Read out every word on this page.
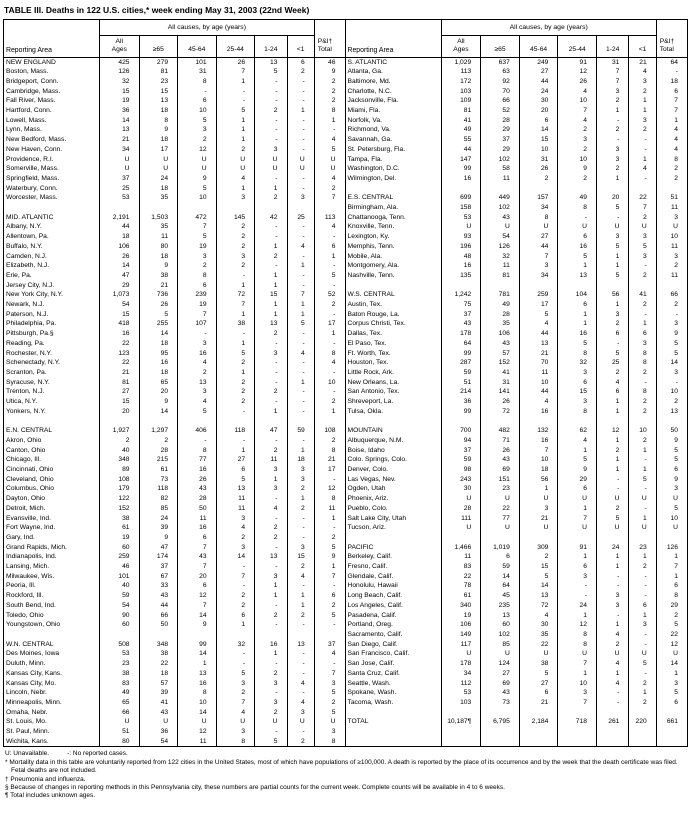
TABLE III. Deaths in 122 U.S. cities,* week ending May 31, 2003 (22nd Week)
Reporting Area	All causes, by age (years)						P&I†
Total
	All
Ages	≥65	45-64	25-44	1-24	<1	
NEW ENGLAND	425	279	101	26	13	6	46
Boston, Mass.	126	81	31	7	5	2	9
Bridgeport, Conn.	32	23	8	1	-	-	2
Cambridge, Mass.	15	15	-	-	-	-	2
Fall River, Mass.	19	13	6	-	-	-	2
Hartford, Conn.	36	18	10	5	2	1	8
Lowell, Mass.	14	8	5	1	-	-	1
Lynn, Mass.	13	9	3	1	-	-	-
New Bedford, Mass.	21	18	2	1	-	-	4
New Haven, Conn.	34	17	12	2	3	-	5
Providence, R.I.	U	U	U	U	U	U	U
Somerville, Mass.	U	U	U	U	U	U	U
Springfield, Mass.	37	24	9	4	-	-	4
Waterbury, Conn.	25	18	5	1	1	-	2
Worcester, Mass.	53	35	10	3	2	3	7

MID. ATLANTIC	2,191	1,503	472	145	42	25	113
Albany, N.Y.	44	35	7	2	-	-	4
Allentown, Pa.	18	11	5	2	-	-	-
Buffalo, N.Y.	106	80	19	2	1	4	6
Camden, N.J.	26	18	3	3	2	-	1
Elizabeth, N.J.	14	9	2	2	-	1	-
Erie, Pa.	47	38	8	-	1	-	5
Jersey City, N.J.	29	21	6	1	1	-	-
New York City, N.Y.	1,073	736	239	72	15	7	52
Newark, N.J.	54	26	19	7	1	1	2
Paterson, N.J.	15	5	7	1	1	1	-
Philadelphia, Pa.	418	255	107	38	13	5	17
Pittsburgh, Pa.§	16	14	-	-	2	-	1
Reading, Pa.	22	18	3	1	-	-	-
Rochester, N.Y.	123	95	16	5	3	4	8
Schenectady, N.Y.	22	16	4	2	-	-	4
Scranton, Pa.	21	18	2	1	-	-	-
Syracuse, N.Y.	81	65	13	2	-	1	10
Trenton, N.J.	27	20	3	2	2	-	-
Utica, N.Y.	15	9	4	2	-	-	2
Yonkers, N.Y.	20	14	5	-	1	-	1

E.N. CENTRAL	1,927	1,297	406	118	47	59	108
Akron, Ohio	2	2	-	-	-	-	2
Canton, Ohio	40	28	8	1	2	1	8
Chicago, Ill.	348	215	77	27	11	18	21
Cincinnati, Ohio	89	61	16	6	3	3	17
Cleveland, Ohio	108	73	26	5	1	3	-
Columbus, Ohio	179	118	43	13	3	2	12
Dayton, Ohio	122	82	28	11	-	1	8
Detroit, Mich.	152	85	50	11	4	2	11
Evansville, Ind.	38	24	11	3	-	-	1
Fort Wayne, Ind.	61	39	16	4	2	-	-
Gary, Ind.	19	9	6	2	2	-	2
Grand Rapids, Mich.	60	47	7	3	-	3	5
Indianapolis, Ind.	259	174	43	14	13	15	9
Lansing, Mich.	46	37	7	-	-	2	1
Milwaukee, Wis.	101	67	20	7	3	4	7
Peoria, Ill.	40	33	6	-	1	-	-
Rockford, Ill.	59	43	12	2	1	1	6
South Bend, Ind.	54	44	7	2	-	1	2
Toledo, Ohio	90	66	14	6	2	2	5
Youngstown, Ohio	60	50	9	1	-	-	-

W.N. CENTRAL	508	348	99	32	16	13	37
Des Moines, Iowa	53	38	14	-	1	-	4
Duluth, Minn.	23	22	1	-	-	-	-
Kansas City, Kans.	38	18	13	5	2	-	7
Kansas City, Mo.	83	57	16	3	3	4	3
Lincoln, Nebr.	49	39	8	2	-	-	5
Minneapolis, Minn.	65	41	10	7	3	4	2
Omaha, Nebr.	66	43	14	4	2	3	5
St. Louis, Mo.	U	U	U	U	U	U	U
St. Paul, Minn.	51	36	12	3	-	-	3
Wichita, Kans.	80	54	11	8	5	2	8
Reporting Area	All causes, by age (years)						P&I†
Total
	All
Ages	≥65	45-64	25-44	1-24	<1	
S. ATLANTIC	1,029	637	249	91	31	21	64
Atlanta, Ga.	113	63	27	12	7	4	-
Baltimore, Md.	172	92	44	26	7	3	18
Charlotte, N.C.	103	70	24	4	3	2	6
Jacksonville, Fla.	109	66	30	10	2	1	7
Miami, Fla.	81	52	20	7	1	1	7
Norfolk, Va.	41	28	6	4	-	3	1
Richmond, Va.	49	29	14	2	2	2	4
Savannah, Ga.	55	37	15	3	-	-	4
St. Petersburg, Fla.	44	29	10	2	3	-	4
Tampa, Fla.	147	102	31	10	3	1	8
Washington, D.C.	99	58	26	9	2	4	2
Wilmington, Del.	16	11	2	2	1	-	2

E.S. CENTRAL	699	449	157	49	20	22	51
Birmingham, Ala.	158	102	34	8	5	7	11
Chattanooga, Tenn.	53	43	8	-	-	2	3
Knoxville, Tenn.	U	U	U	U	U	U	U
Lexington, Ky.	93	54	27	6	3	3	10
Memphis, Tenn.	196	126	44	16	5	5	11
Mobile, Ala.	48	32	7	5	1	3	3
Montgomery, Ala.	16	11	3	1	1	-	2
Nashville, Tenn.	135	81	34	13	5	2	11

W.S. CENTRAL	1,242	781	259	104	56	41	66
Austin, Tex.	75	49	17	6	1	2	2
Baton Rouge, La.	37	28	5	1	3	-	-
Corpus Christi, Tex.	43	35	4	1	2	1	3
Dallas, Tex.	178	106	44	16	6	6	9
El Paso, Tex.	64	43	13	5	-	3	5
Ft. Worth, Tex.	99	57	21	8	5	8	5
Houston, Tex.	287	152	70	32	25	8	14
Little Rock, Ark.	59	41	11	3	2	2	3
New Orleans, La.	51	31	10	6	4	-	-
San Antonio, Tex.	214	141	44	15	6	8	10
Shreveport, La.	36	26	4	3	1	2	2
Tulsa, Okla.	99	72	16	8	1	2	13

MOUNTAIN	700	482	132	62	12	10	50
Albuquerque, N.M.	94	71	16	4	1	2	9
Boise, Idaho	37	26	7	1	2	1	5
Colo. Springs, Colo.	59	43	10	5	1	-	5
Denver, Colo.	98	69	18	9	1	1	6
Las Vegas, Nev.	243	151	56	29	-	5	9
Ogden, Utah	30	23	1	6	-	-	3
Phoenix, Ariz.	U	U	U	U	U	U	U
Pueblo, Colo.	28	22	3	1	2	-	5
Salt Lake City, Utah	111	77	21	7	5	1	10
Tucson, Ariz.	U	U	U	U	U	U	U

PACIFIC	1,466	1,019	309	91	24	23	126
Berkeley, Calif.	11	6	2	1	1	1	1
Fresno, Calif.	83	59	15	6	1	2	7
Glendale, Calif.	22	14	5	3	-	-	1
Honolulu, Hawaii	78	64	14	-	-	-	6
Long Beach, Calif.	61	45	13	-	3	-	8
Los Angeles, Calif.	340	235	72	24	3	6	29
Pasadena, Calif.	19	13	4	1	-	1	2
Portland, Oreg.	106	60	30	12	1	3	5
Sacramento, Calif.	149	102	35	8	4	-	22
San Diego, Calif.	117	85	22	8	2	-	12
San Francisco, Calif.	U	U	U	U	U	U	U
San Jose, Calif.	178	124	38	7	4	5	14
Santa Cruz, Calif.	34	27	5	1	1	-	1
Seattle, Wash.	112	69	27	10	4	2	3
Spokane, Wash.	53	43	6	3	-	1	5
Tacoma, Wash.	103	73	21	7	-	2	6

TOTAL	10,187¶	6,795	2,184	718	261	220	661

U: Unavailable.          -: No reported cases.
* Mortality data in this table are voluntarily reported from 122 cities in the United States, most of which have populations of ≥100,000. A death is reported by the place of its occurrence and by the week that the death certificate was filed. Fetal deaths are not included.
† Pneumonia and influenza.
§ Because of changes in reporting methods in this Pennsylvania city, these numbers are partial counts for the current week. Complete counts will be available in 4 to 6 weeks.
¶ Total includes unknown ages.
